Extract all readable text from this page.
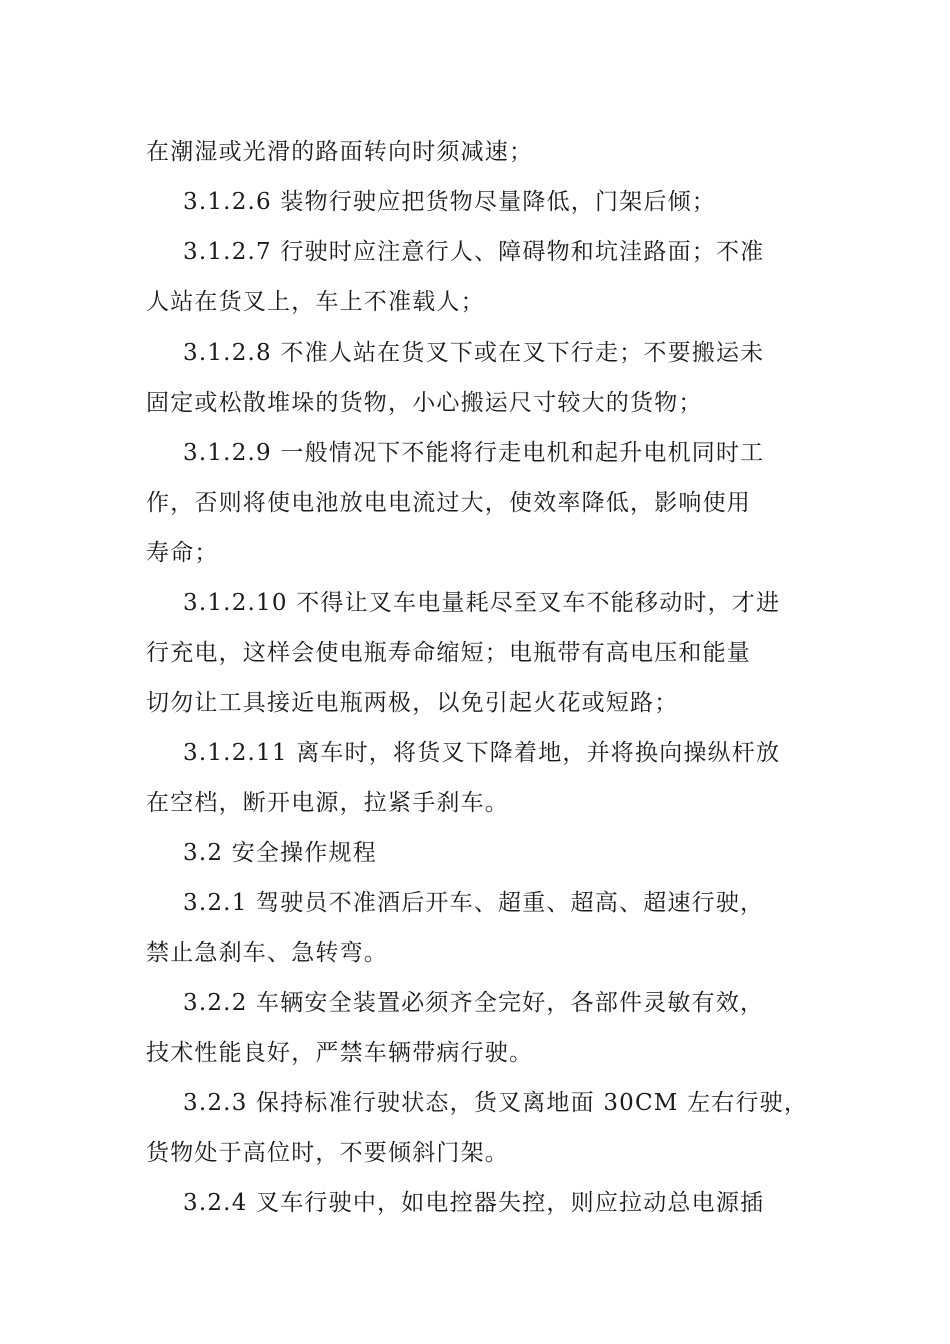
在潮湿或光滑的路面转向时须减速；
3.1.2.6 装物行驶应把货物尽量降低，门架后倾；
3.1.2.7 行驶时应注意行人、障碍物和坑洼路面；不准
人站在货叉上，车上不准载人；
3.1.2.8 不准人站在货叉下或在叉下行走；不要搬运未
固定或松散堆垛的货物，小心搬运尺寸较大的货物；
3.1.2.9 一般情况下不能将行走电机和起升电机同时工
作，否则将使电池放电电流过大，使效率降低，影响使用
寿命；
3.1.2.10 不得让叉车电量耗尽至叉车不能移动时，才进
行充电，这样会使电瓶寿命缩短；电瓶带有高电压和能量
切勿让工具接近电瓶两极，以免引起火花或短路；
3.1.2.11 离车时，将货叉下降着地，并将换向操纵杆放
在空档，断开电源，拉紧手刹车。
3.2 安全操作规程
3.2.1 驾驶员不准酒后开车、超重、超高、超速行驶，
禁止急刹车、急转弯。
3.2.2 车辆安全装置必须齐全完好，各部件灵敏有效，
技术性能良好，严禁车辆带病行驶。
3.2.3 保持标准行驶状态，货叉离地面 30CM 左右行驶，
货物处于高位时，不要倾斜门架。
3.2.4 叉车行驶中，如电控器失控，则应拉动总电源插
